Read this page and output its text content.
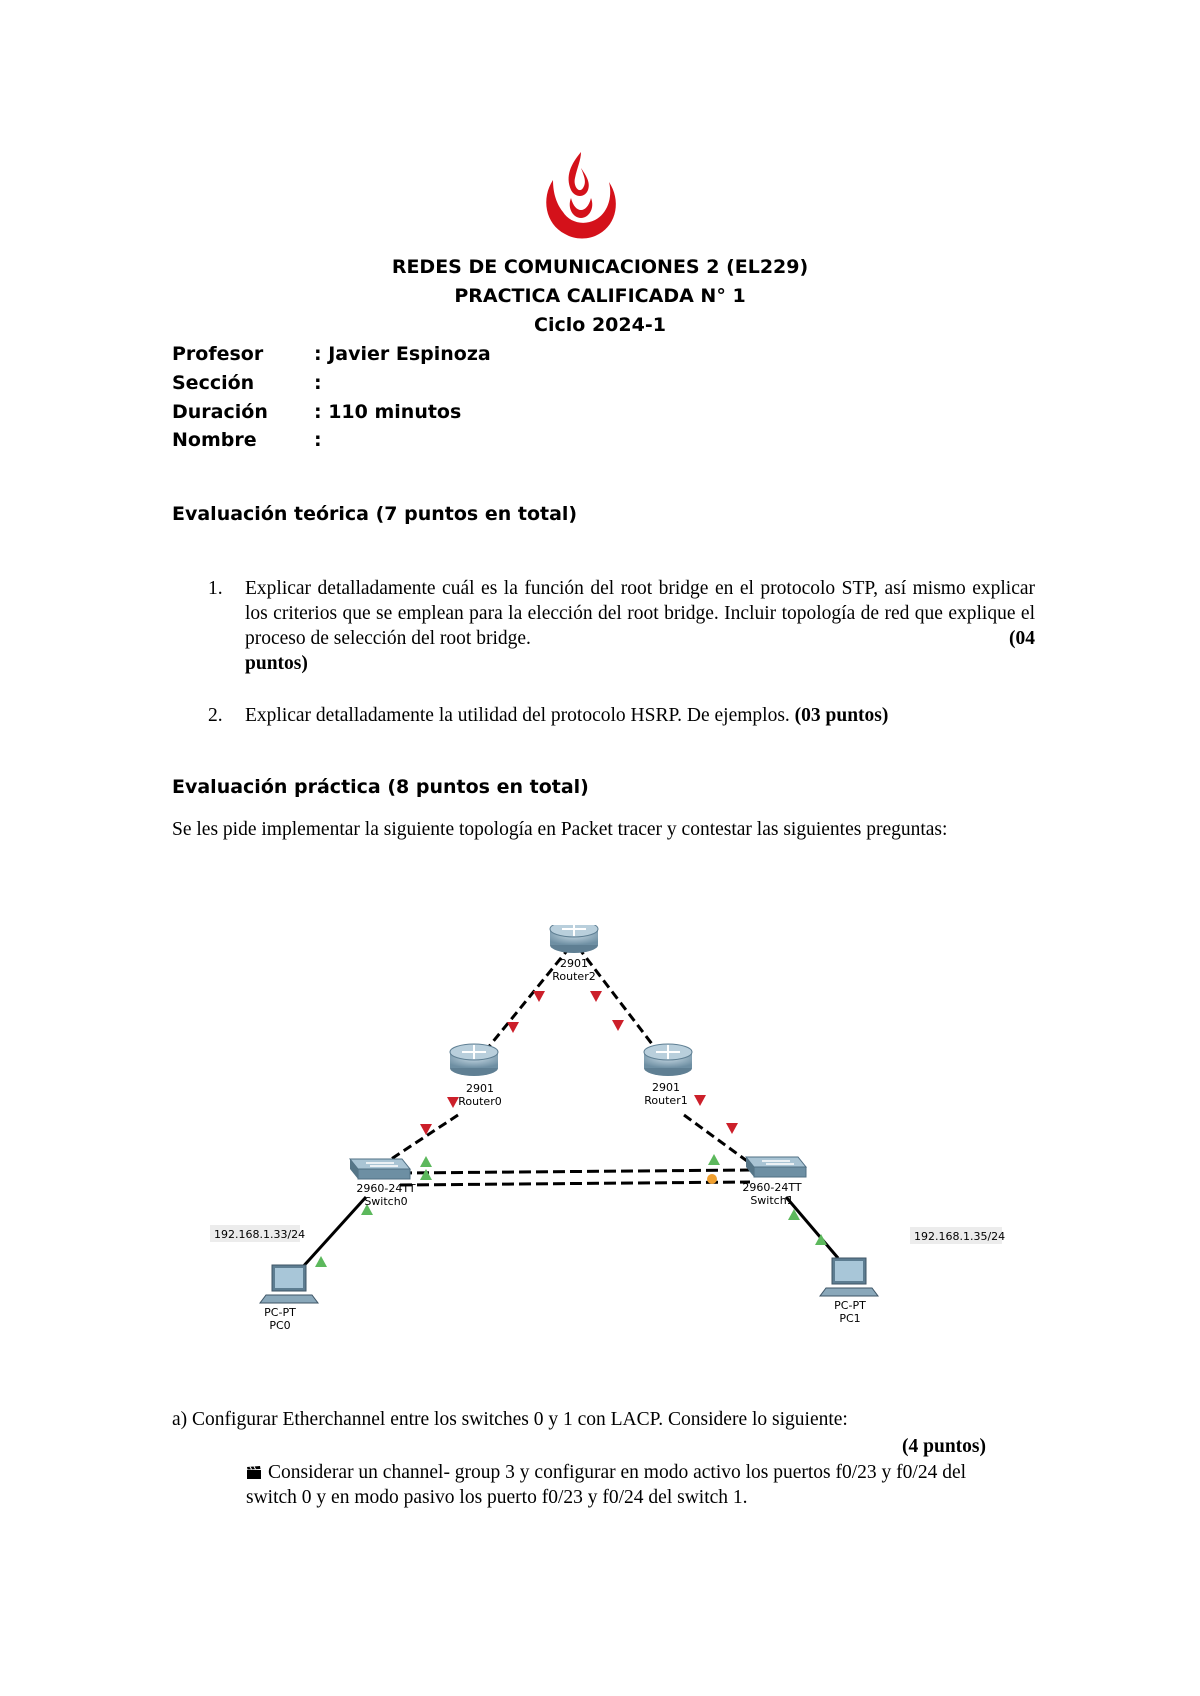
REDES DE COMUNICACIONES 2 (EL229)
PRACTICA CALIFICADA N° 1
Ciclo 2024-1
Profesor	: Javier Espinoza
Sección	:
Duración : 110 minutos
Nombre	:
Evaluación teórica (7 puntos en total)
1. Explicar detalladamente cuál es la función del root bridge en el protocolo STP, así mismo explicar los criterios que se emplean para la elección del root bridge. Incluir topología de red que explique el proceso de selección del root bridge.	(04

puntos)
2. Explicar detalladamente la utilidad del protocolo HSRP. De ejemplos. (03 puntos)
Evaluación práctica (8 puntos en total)
Se les pide implementar la siguiente topología en Packet tracer y contestar las siguientes preguntas:
2901
Router2
2901
Router0
2901
Router1
2960-24TT
Switch0
2960-24TT
Switch1
PC-PT
PC0
PC-PT
PC1
192.168.1.33/24	192.168.1.35/24
a) Configurar Etherchannel entre los switches 0 y 1 con LACP. Considere lo siguiente:
(4 puntos)
Considerar un channel- group 3 y configurar en modo activo los puertos f0/23 y f0/24 del switch 0 y en modo pasivo los puerto f0/23 y f0/24 del switch 1.
